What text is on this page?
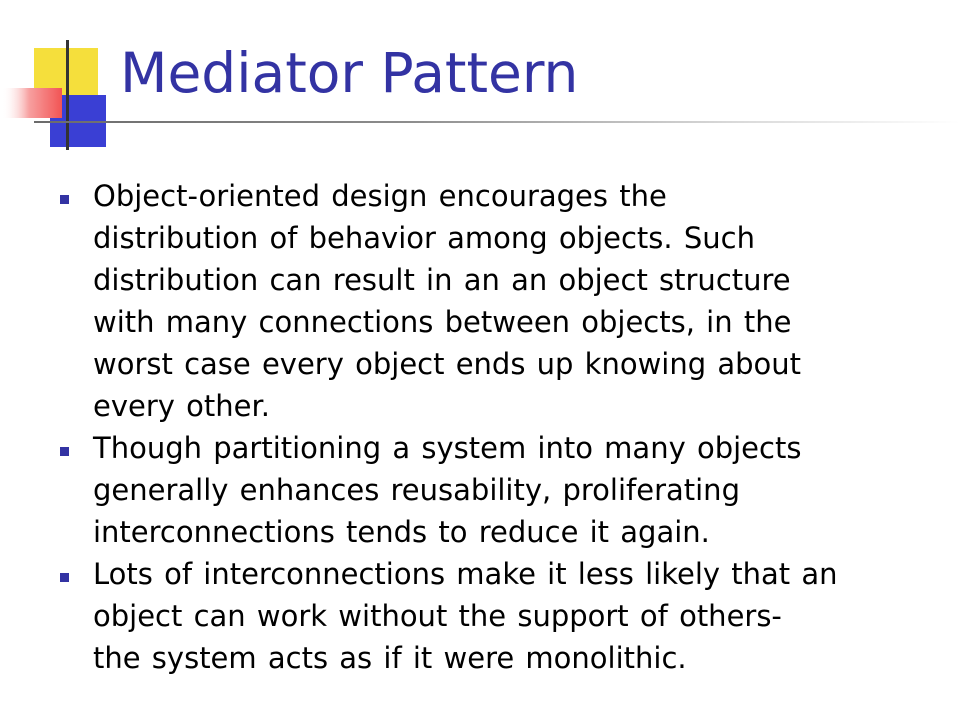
Mediator Pattern

Object-oriented design encourages the
distribution of behavior among objects. Such
distribution can result in an an object structure
with many connections between objects, in the
worst case every object ends up knowing about
every other.

Though partitioning a system into many objects
generally enhances reusability, proliferating
interconnections tends to reduce it again.

Lots of interconnections make it less likely that an
object can work without the support of others-
the system acts as if it were monolithic.
